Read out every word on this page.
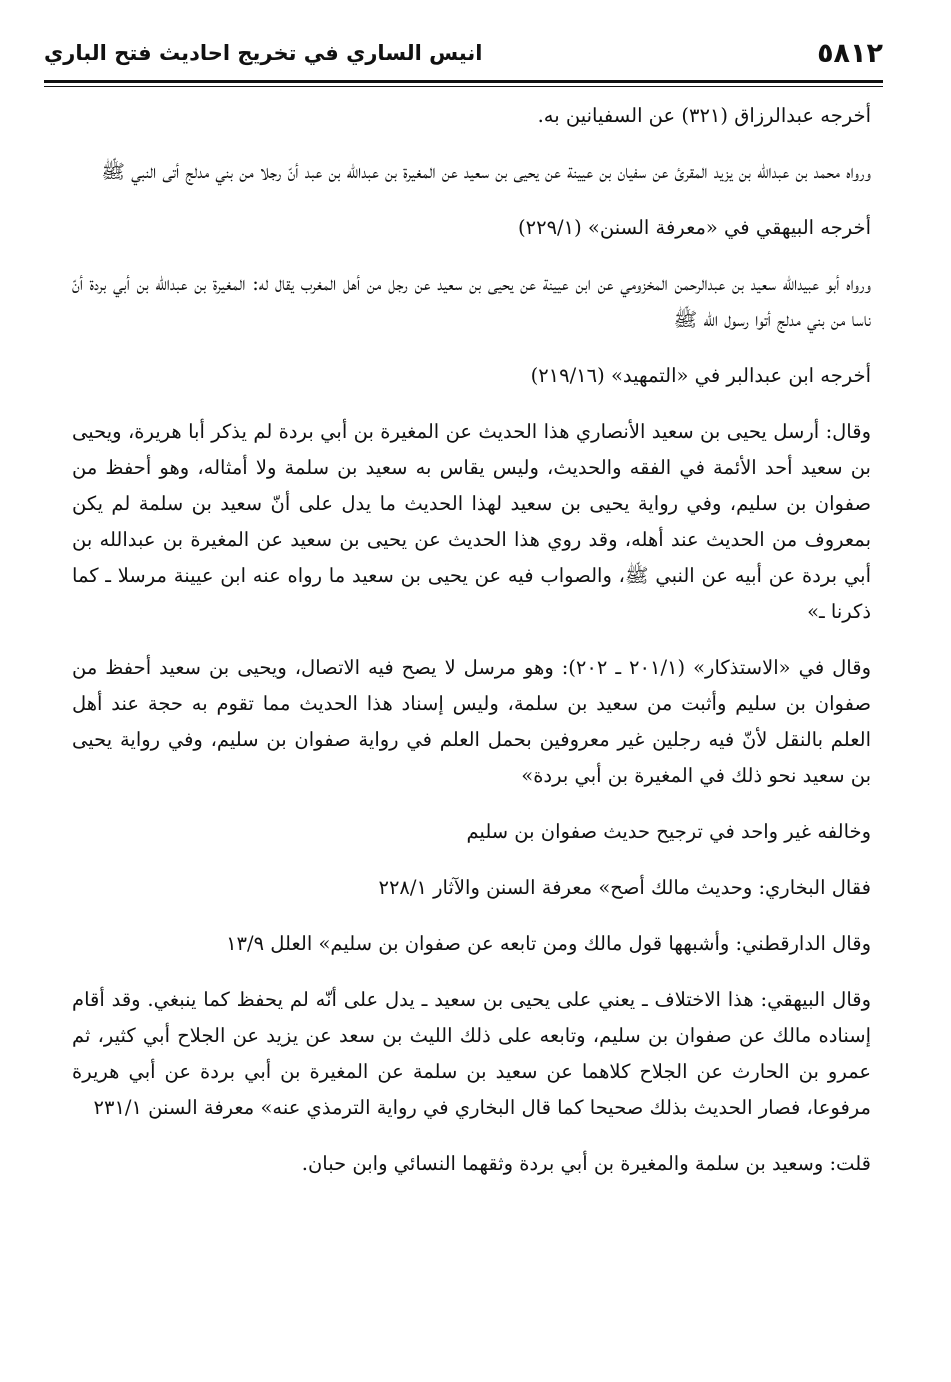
٥٨١٢
انيس الساري في تخريج احاديث فتح الباري

أخرجه عبدالرزاق (٣٢١) عن السفيانين به.

ورواه محمد بن عبدالله بن يزيد المقرئ عن سفيان بن عيينة عن يحيى بن سعيد عن المغيرة بن عبدالله بن عبد أنّ رجلا من بني مدلج أتى النبي ﷺ

أخرجه البيهقي في «معرفة السنن» (٢٢٩/١)

ورواه أبو عبيدالله سعيد بن عبدالرحمن المخزومي عن ابن عيينة عن يحيى بن سعيد عن رجل من أهل المغرب يقال له: المغيرة بن عبدالله بن أبي بردة أنّ ناسا من بني مدلج أتوا رسول الله ﷺ

أخرجه ابن عبدالبر في «التمهيد» (٢١٩/١٦)

وقال: أرسل يحيى بن سعيد الأنصاري هذا الحديث عن المغيرة بن أبي بردة لم يذكر أبا هريرة، ويحيى بن سعيد أحد الأئمة في الفقه والحديث، وليس يقاس به سعيد بن سلمة ولا أمثاله، وهو أحفظ من صفوان بن سليم، وفي رواية يحيى بن سعيد لهذا الحديث ما يدل على أنّ سعيد بن سلمة لم يكن بمعروف من الحديث عند أهله، وقد روي هذا الحديث عن يحيى بن سعيد عن المغيرة بن عبدالله بن أبي بردة عن أبيه عن النبي ﷺ، والصواب فيه عن يحيى بن سعيد ما رواه عنه ابن عيينة مرسلا ـ كما ذكرنا ـ»

وقال في «الاستذكار» (٢٠١/١ ـ ٢٠٢): وهو مرسل لا يصح فيه الاتصال، ويحيى بن سعيد أحفظ من صفوان بن سليم وأثبت من سعيد بن سلمة، وليس إسناد هذا الحديث مما تقوم به حجة عند أهل العلم بالنقل لأنّ فيه رجلين غير معروفين بحمل العلم في رواية صفوان بن سليم، وفي رواية يحيى بن سعيد نحو ذلك في المغيرة بن أبي بردة»

وخالفه غير واحد في ترجيح حديث صفوان بن سليم

فقال البخاري: وحديث مالك أصح» معرفة السنن والآثار ٢٢٨/١

وقال الدارقطني: وأشبهها قول مالك ومن تابعه عن صفوان بن سليم» العلل ١٣/٩

وقال البيهقي: هذا الاختلاف ـ يعني على يحيى بن سعيد ـ يدل على أنّه لم يحفظ كما ينبغي. وقد أقام إسناده مالك عن صفوان بن سليم، وتابعه على ذلك الليث بن سعد عن يزيد عن الجلاح أبي كثير، ثم عمرو بن الحارث عن الجلاح كلاهما عن سعيد بن سلمة عن المغيرة بن أبي بردة عن أبي هريرة مرفوعا، فصار الحديث بذلك صحيحا كما قال البخاري في رواية الترمذي عنه» معرفة السنن ٢٣١/١

قلت: وسعيد بن سلمة والمغيرة بن أبي بردة وثقهما النسائي وابن حبان.
